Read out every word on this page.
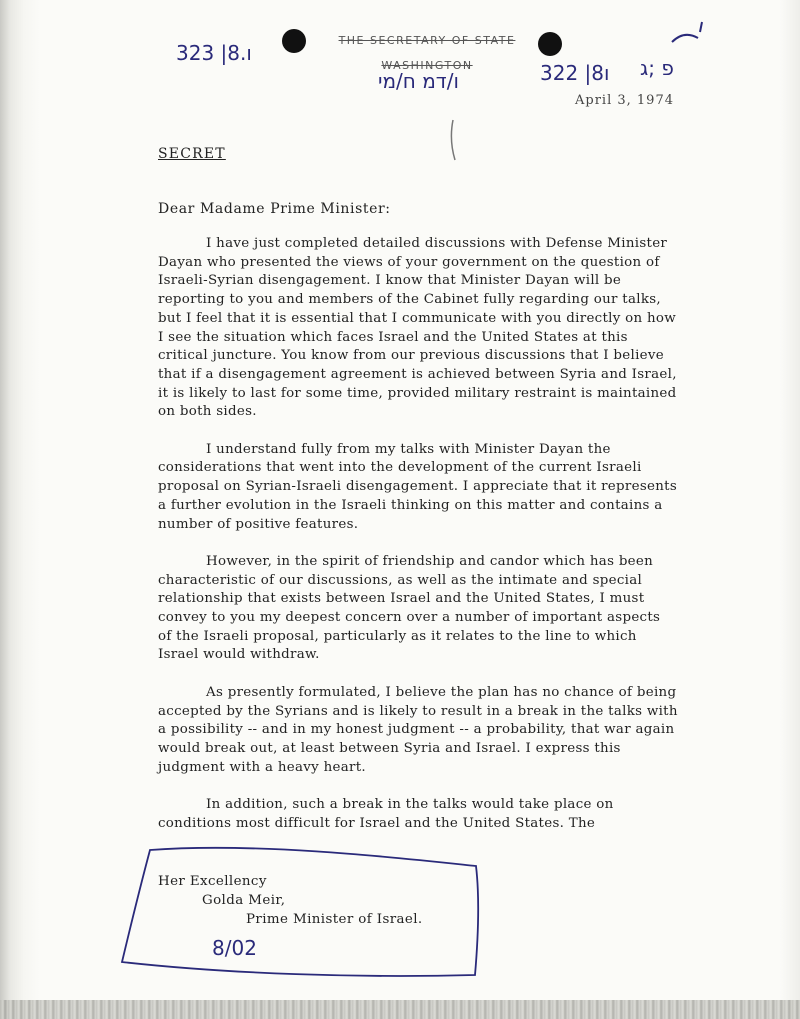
THE SECRETARY OF STATE
WASHINGTON
April 3, 1974
SECRET
Dear Madame Prime Minister:

I have just completed detailed discussions with Defense Minister Dayan who presented the views of your government on the question of Israeli-Syrian disengagement. I know that Minister Dayan will be reporting to you and members of the Cabinet fully regarding our talks, but I feel that it is essential that I communicate with you directly on how I see the situation which faces Israel and the United States at this critical juncture. You know from our previous discussions that I believe that if a disengagement agreement is achieved between Syria and Israel, it is likely to last for some time, provided military restraint is maintained on both sides.

I understand fully from my talks with Minister Dayan the considerations that went into the development of the current Israeli proposal on Syrian-Israeli disengagement. I appreciate that it represents a further evolution in the Israeli thinking on this matter and contains a number of positive features.

However, in the spirit of friendship and candor which has been characteristic of our discussions, as well as the intimate and special relationship that exists between Israel and the United States, I must convey to you my deepest concern over a number of important aspects of the Israeli proposal, particularly as it relates to the line to which Israel would withdraw.

As presently formulated, I believe the plan has no chance of being accepted by the Syrians and is likely to result in a break in the talks with a possibility -- and in my honest judgment -- a probability, that war again would break out, at least between Syria and Israel. I express this judgment with a heavy heart.

In addition, such a break in the talks would take place on conditions most difficult for Israel and the United States. The

Her Excellency
Golda Meir,
Prime Minister of Israel.
323 |ו.8
322 |ו8
ו/דמ ח/מי
פ ;ג
8/02
